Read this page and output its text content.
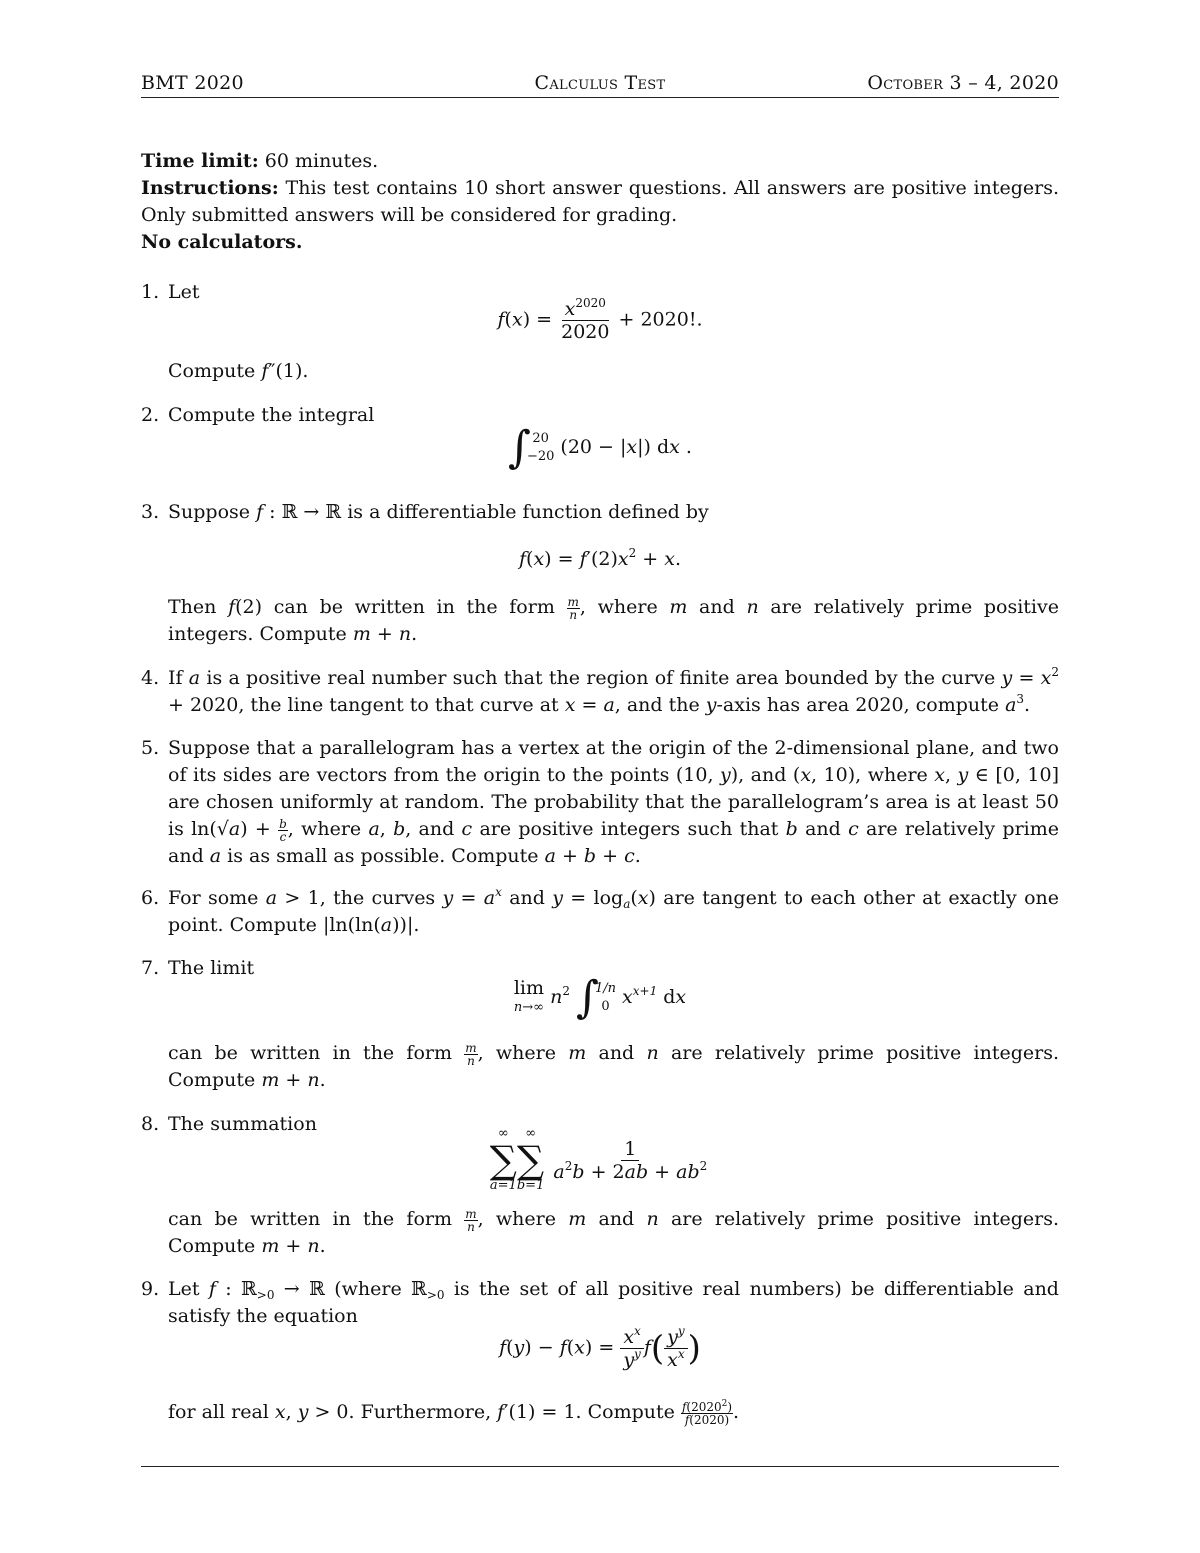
BMT 2020	Calculus Test	October 3 – 4, 2020
Time limit: 60 minutes.
Instructions: This test contains 10 short answer questions. All answers are positive integers. Only submitted answers will be considered for grading.
No calculators.
1. Let
$f(x) = \frac{x^{2020}}{2020} + 2020$!.
Compute f″(1).
2. Compute the integral
∫ 20
−20 (20 − |x|) dx .
3. Suppose f : ℝ → ℝ is a differentiable function defined by
$f(x) = f'(2)x^2 + x$.
Then f(2) can be written in the form $\frac{m}{n}$ , where m and n are relatively prime positive integers. Compute m + n.
4. If a is a positive real number such that the region of finite area bounded by the curve $y = x^2 + 2020$, the line tangent to that curve at x = a, and the y-axis has area 2020, compute $a^3$.
5. Suppose that a parallelogram has a vertex at the origin of the 2-dimensional plane, and two of its sides are vectors from the origin to the points (10, y), and (x, 10), where x, y ∈ [0, 10] are chosen uniformly at random. The probability that the parallelogram’s area is at least 50 is $\ln(√a) + \frac{b}{c}$ , where a, b, and c are positive integers such that b and c are relatively prime and a is as small as possible. Compute a + b + c.
6. For some a > 1, the curves $y = a^x$ and $y = \log_a(x)$ are tangent to each other at exactly one point. Compute |ln(ln(a))|.
7. The limit
lim
n→∞ $n^2$ ∫
1/n
0 $x^{x+1}$ dx
can be written in the form $\frac{m}{n}$ , where m and n are relatively prime positive integers. Compute m + n.
8. The summation	∞
∑
a=1
∞
∑
b=1

$\frac{1}{a^2b + 2ab + ab^2}$
can be written in the form $\frac{m}{n}$ , where m and n are relatively prime positive integers. Compute m + n.
9. Let f : ℝ$_{>0}$ → ℝ (where ℝ$_{>0}$ is the set of all positive real numbers) be differentiable and satisfy the equation
$f(y) - f(x) = \frac{x^x}{y^y} f( \frac{y^y}{x^x}$ )
for all real x, y > 0. Furthermore, f′(1) = 1. Compute $\frac{f(2020^2)}{f(2020)}$ .
